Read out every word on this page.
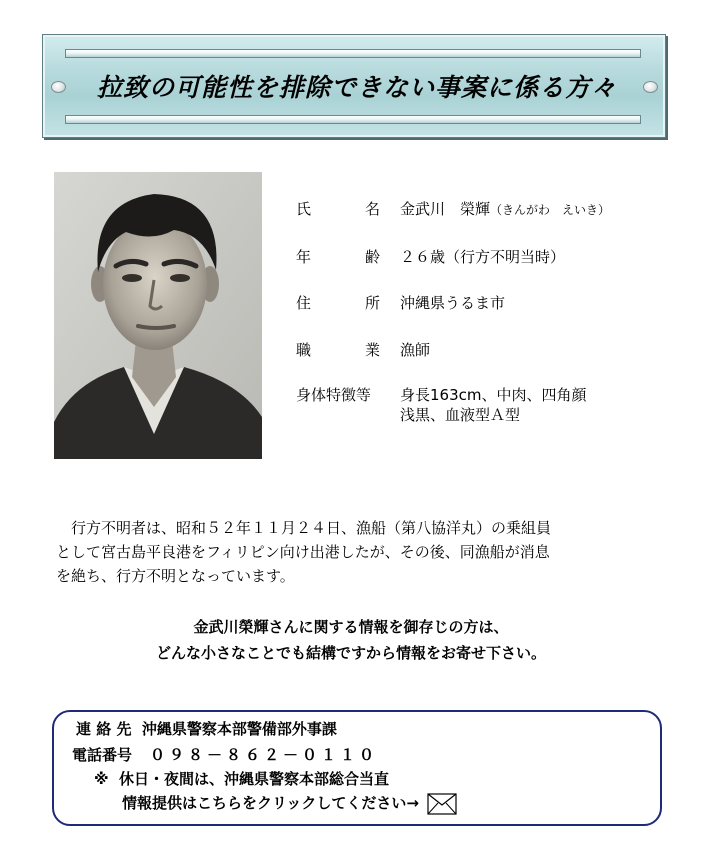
拉致の可能性を排除できない事案に係る方々
氏	名 金武川　榮輝（きんがわ　えいき）
年	齢 ２６歳（行方不明当時）
住	所 沖縄県うるま市
職	業 漁師
身体特徴等	身長163cm、中肉、四角顔
浅黒、血液型Ａ型

行方不明者は、昭和５２年１１月２４日、漁船（第八協洋丸）の乗組員

として宮古島平良港をフィリピン向け出港したが、その後、同漁船が消息

を絶ち、行方不明となっています。

金武川榮輝さんに関する情報を御存じの方は、

どんな小さなことでも結構ですから情報をお寄せ下さい。

連 絡 先 沖縄県警察本部警備部外事課
電話番号 ０９８－８６２－０１１０
※ 休日・夜間は、沖縄県警察本部総合当直
情報提供はこちらをクリックしてください→
